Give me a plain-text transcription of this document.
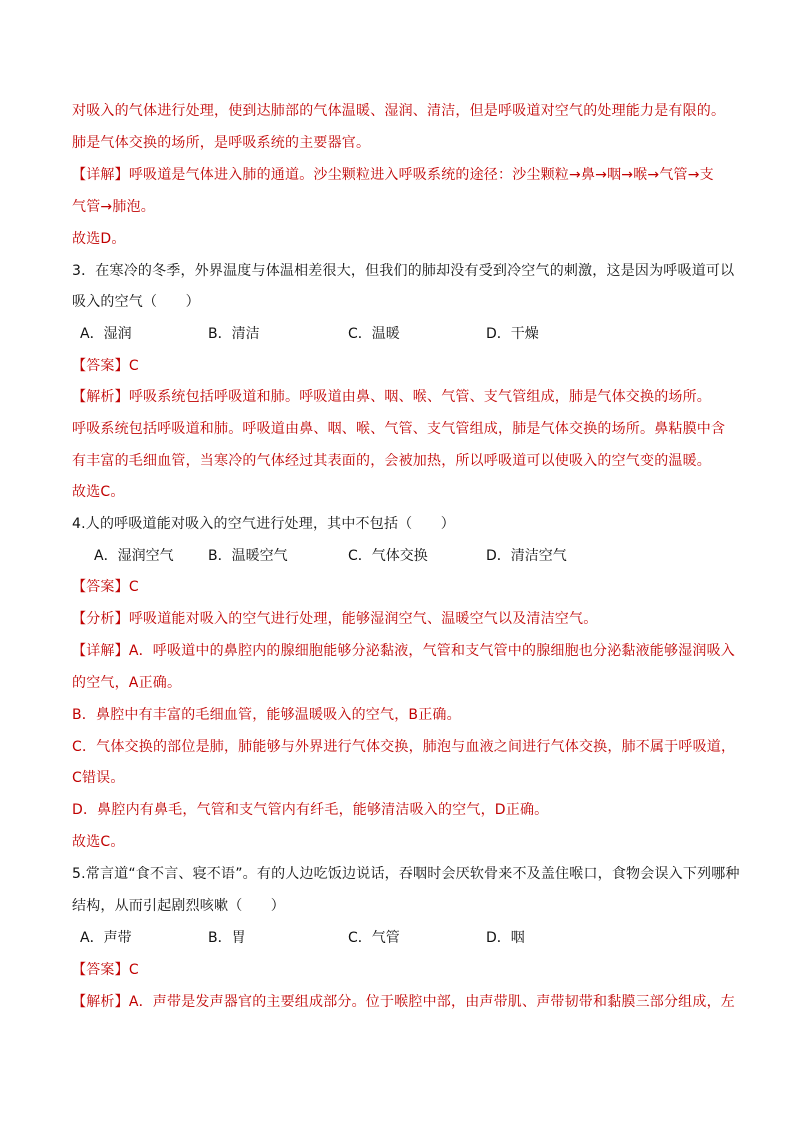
对吸入的气体进行处理，使到达肺部的气体温暖、湿润、清洁，但是呼吸道对空气的处理能力是有限的。
肺是气体交换的场所，是呼吸系统的主要器官。
【详解】呼吸道是气体进入肺的通道。沙尘颗粒进入呼吸系统的途径：沙尘颗粒→鼻→咽→喉→气管→支
气管→肺泡。
故选D。
3．在寒冷的冬季，外界温度与体温相差很大，但我们的肺却没有受到冷空气的刺激，这是因为呼吸道可以
吸入的空气（　　）
A．湿润	B．清洁	C．温暖	D．干燥
【答案】C
【解析】呼吸系统包括呼吸道和肺。呼吸道由鼻、咽、喉、气管、支气管组成，肺是气体交换的场所。
呼吸系统包括呼吸道和肺。呼吸道由鼻、咽、喉、气管、支气管组成，肺是气体交换的场所。鼻粘膜中含
有丰富的毛细血管，当寒冷的气体经过其表面的，会被加热，所以呼吸道可以使吸入的空气变的温暖。
故选C。
4.人的呼吸道能对吸入的空气进行处理，其中不包括（　　）
A．湿润空气 B．温暖空气	C．气体交换	D．清洁空气
【答案】C
【分析】呼吸道能对吸入的空气进行处理，能够湿润空气、温暖空气以及清洁空气。
【详解】A．呼吸道中的鼻腔内的腺细胞能够分泌黏液，气管和支气管中的腺细胞也分泌黏液能够湿润吸入
的空气，A正确。
B．鼻腔中有丰富的毛细血管，能够温暖吸入的空气，B正确。
C．气体交换的部位是肺，肺能够与外界进行气体交换，肺泡与血液之间进行气体交换，肺不属于呼吸道，
C错误。
D．鼻腔内有鼻毛，气管和支气管内有纤毛，能够清洁吸入的空气，D正确。
故选C。
5.常言道“食不言、寝不语”。有的人边吃饭边说话，吞咽时会厌软骨来不及盖住喉口，食物会误入下列哪种
结构，从而引起剧烈咳嗽（　　）
A．声带	B．胃	C．气管	D．咽
【答案】C
【解析】A．声带是发声器官的主要组成部分。位于喉腔中部，由声带肌、声带韧带和黏膜三部分组成，左
